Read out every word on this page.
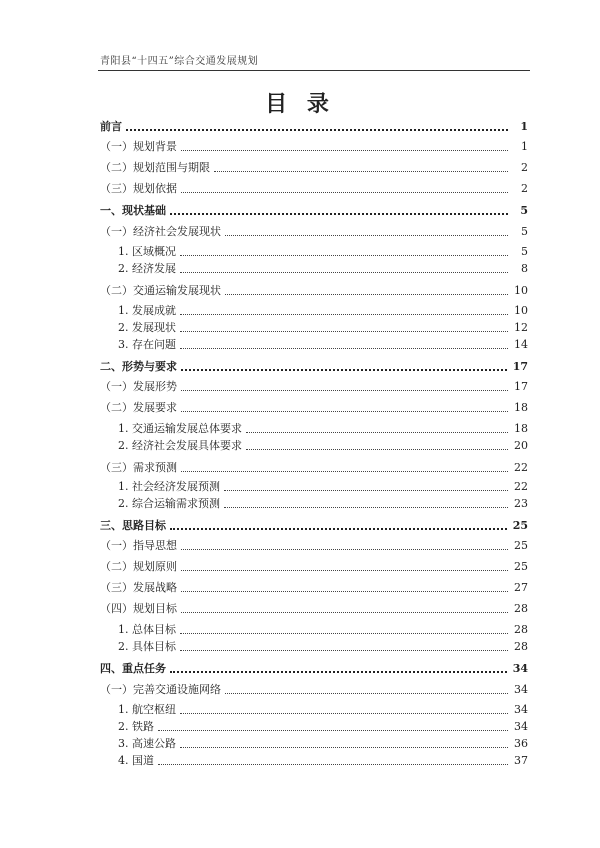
青阳县“十四五”综合交通发展规划
目 录
前言	1
（一）规划背景	1
（二）规划范围与期限	2
（三）规划依据	2
一、现状基础	5
（一）经济社会发展现状	5
1. 区域概况	5
2. 经济发展	8
（二）交通运输发展现状	10
1. 发展成就	10
2. 发展现状	12
3. 存在问题	14
二、形势与要求	17
（一）发展形势	17
（二）发展要求	18
1. 交通运输发展总体要求	18
2. 经济社会发展具体要求	20
（三）需求预测	22
1. 社会经济发展预测	22
2. 综合运输需求预测	23
三、思路目标	25
（一）指导思想	25
（二）规划原则	25
（三）发展战略	27
（四）规划目标	28
1. 总体目标	28
2. 具体目标	28
四、重点任务	34
（一）完善交通设施网络	34
1. 航空枢纽	34
2. 铁路	34
3. 高速公路	36
4. 国道	37
